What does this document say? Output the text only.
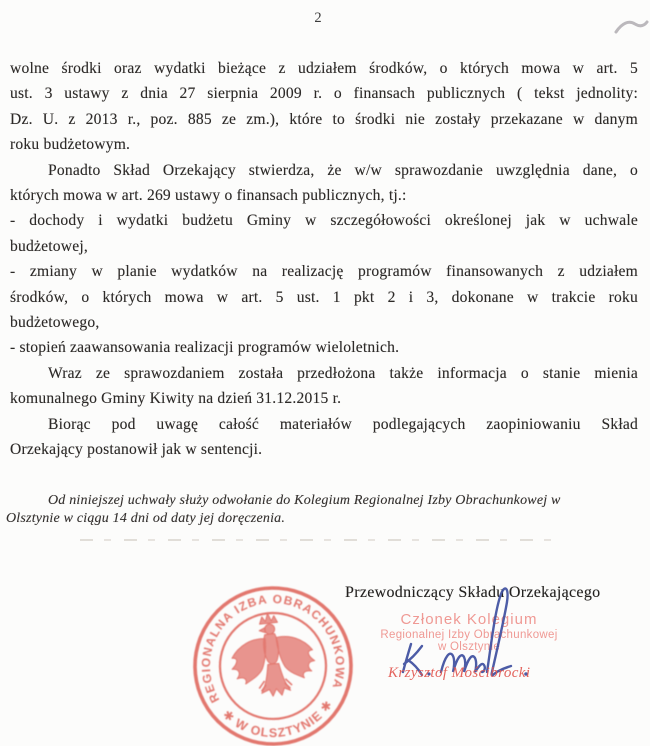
2
wolne środki oraz wydatki bieżące z udziałem środków, o których mowa w art. 5
ust. 3 ustawy z dnia 27 sierpnia 2009 r. o finansach publicznych ( tekst jednolity:
Dz. U. z 2013 r., poz. 885 ze zm.), które to środki nie zostały przekazane w danym
roku budżetowym.
Ponadto Skład Orzekający stwierdza, że w/w sprawozdanie uwzględnia dane, o
których mowa w art. 269 ustawy o finansach publicznych, tj.:
- dochody i wydatki budżetu Gminy w szczegółowości określonej jak w uchwale
budżetowej,
- zmiany w planie wydatków na realizację programów finansowanych z udziałem
środków, o których mowa w art. 5 ust. 1 pkt 2 i 3, dokonane w trakcie roku
budżetowego,
- stopień zaawansowania realizacji programów wieloletnich.
Wraz ze sprawozdaniem została przedłożona także informacja o stanie mienia
komunalnego Gminy Kiwity na dzień 31.12.2015 r.
Biorąc pod uwagę całość materiałów podlegających zaopiniowaniu Skład
Orzekający postanowił jak w sentencji.
Od niniejszej uchwały służy odwołanie do Kolegium Regionalnej Izby Obrachunkowej w
Olsztynie w ciągu 14 dni od daty jej doręczenia.
Przewodniczący Składu Orzekającego
REGIONALNA IZBA OBRACHUNKOWA
✱ W OLSZTYNIE ✱
Członek Kolegium
Regionalnej Izby Obrachunkowej
w Olsztynie
Krzysztof Mościbrocki
